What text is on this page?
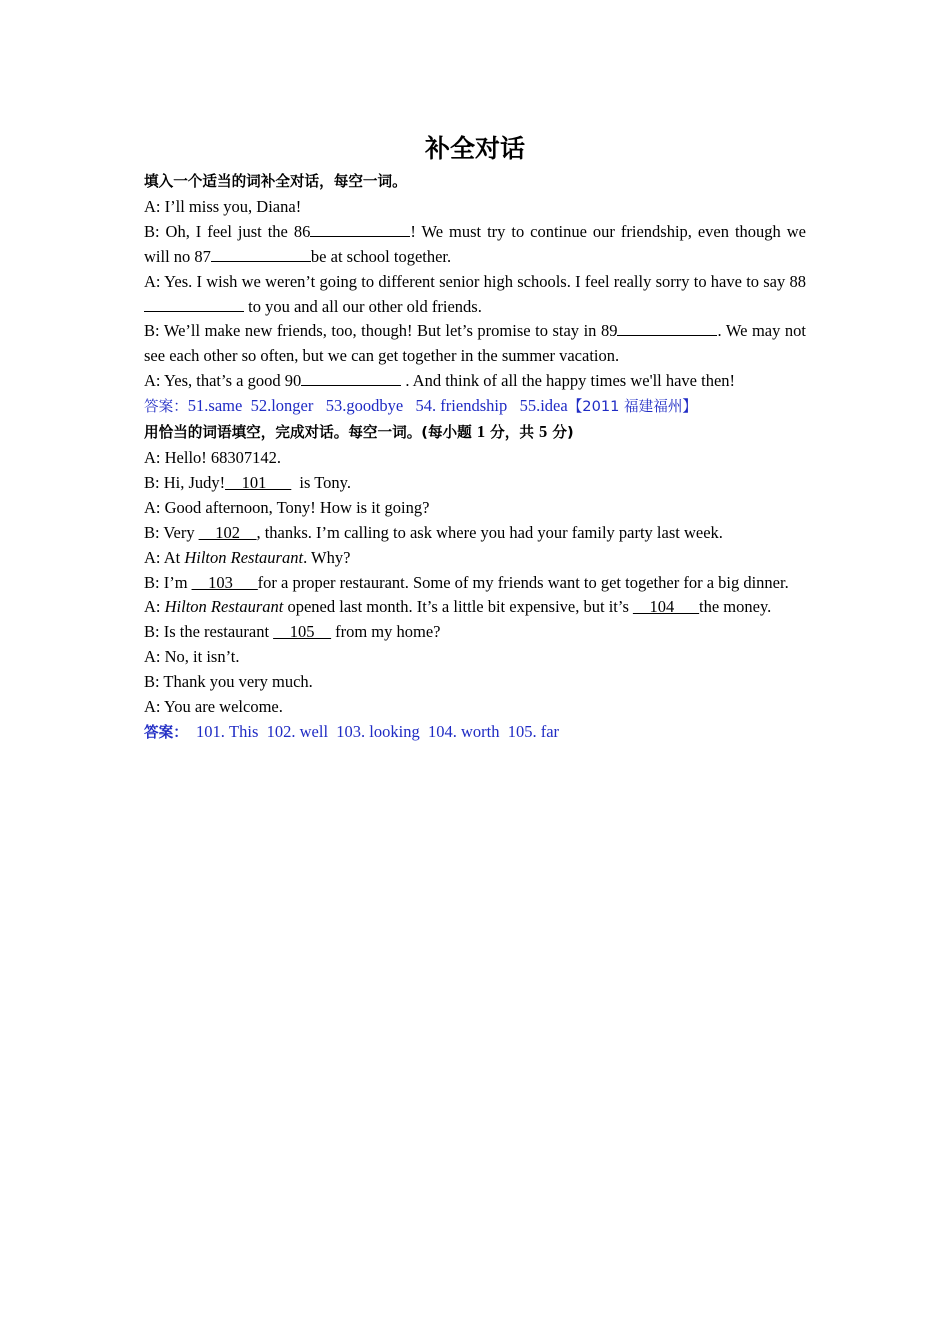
补全对话

填入一个适当的词补全对话，每空一词。

A: I’ll miss you, Diana!

B: Oh, I feel just the 86	! We must try to continue our friendship, even though we will no 87	be at school together.

A: Yes. I wish we weren’t going to different senior high schools. I feel really sorry to have to say 88 to you and all our other old friends.

B: We’ll make new friends, too, though! But let’s promise to stay in 89	. We may not see each other so often, but we can get together in the summer vacation.

A: Yes, that’s a good 90	. And think of all the happy times we'll have then!

答案：51.same  52.longer   53.goodbye   54. friendship   55.idea【2011 福建福州】

用恰当的词语填空，完成对话。每空一词。(每小题 1 分，共 5 分)

A: Hello! 68307142.

B: Hi, Judy!__101___  is Tony.

A: Good afternoon, Tony! How is it going?

B: Very __102__, thanks. I’m calling to ask where you had your family party last week.

A: At Hilton Restaurant. Why?

B: I’m __103___for a proper restaurant. Some of my friends want to get together for a big dinner.

A: Hilton Restaurant opened last month. It’s a little bit expensive, but it’s __104___the money.

B: Is the restaurant __105__ from my home?

A: No, it isn’t.

B: Thank you very much.

A: You are welcome.

答案：  101. This  102. well  103. looking  104. worth  105. far
